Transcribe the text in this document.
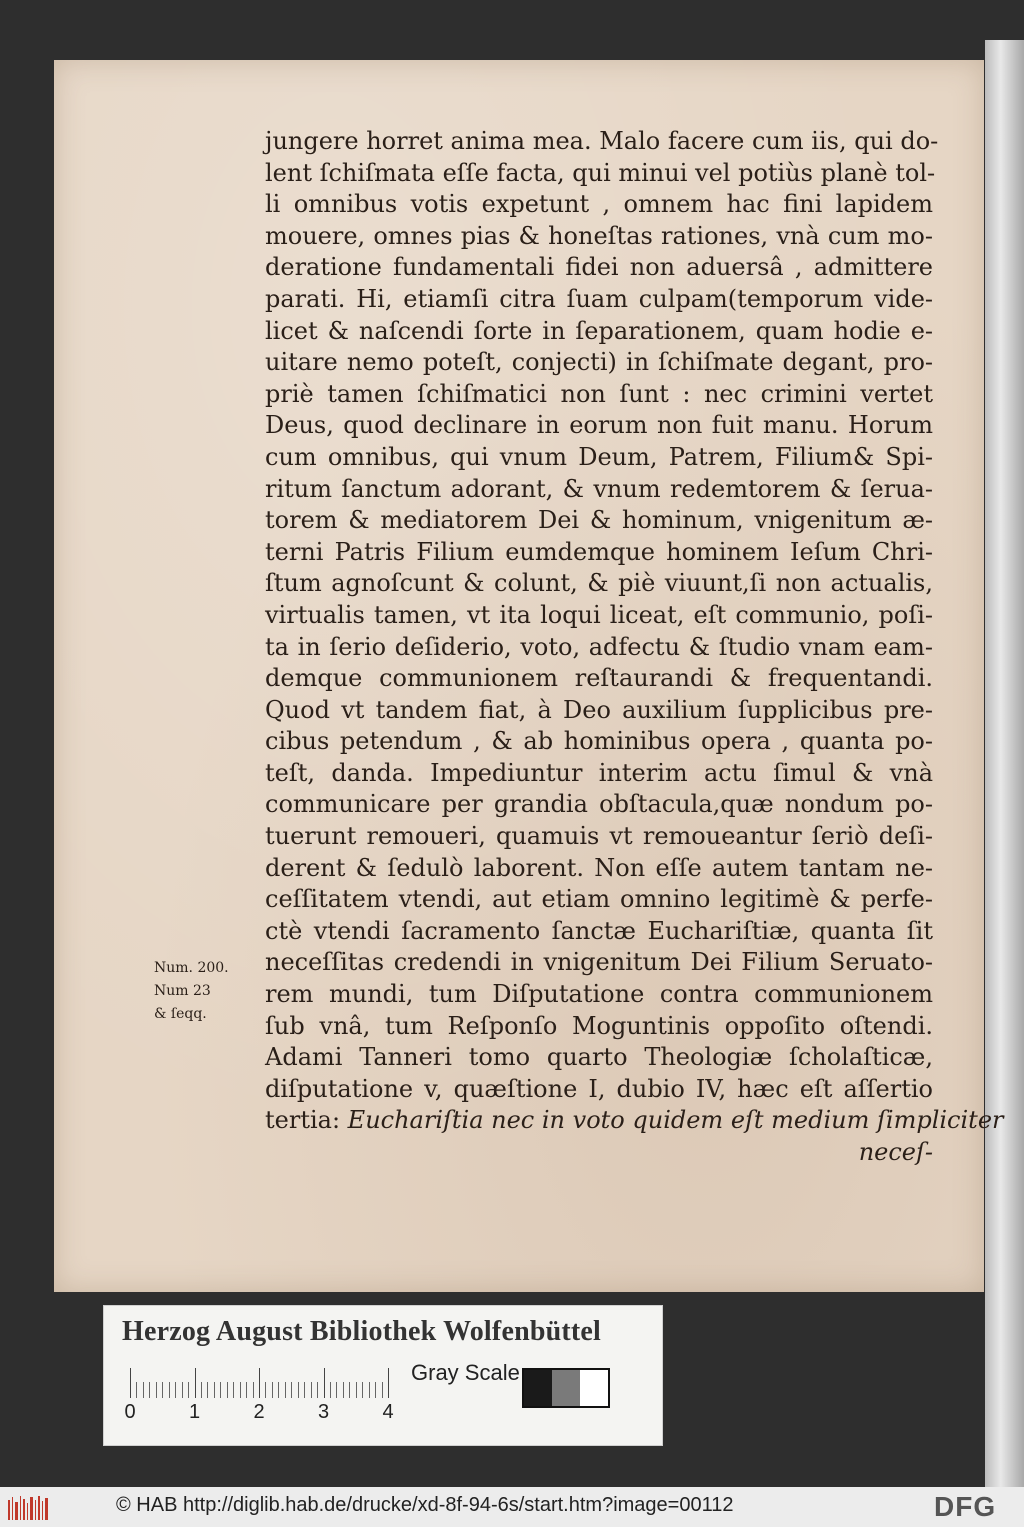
jungere horret anima mea. Malo facere cum iis, qui do-
lent ſchiſmata eſſe facta, qui minui vel potiùs planè tol-
li omnibus votis expetunt , omnem hac fini lapidem
mouere, omnes pias & honeſtas rationes, vnà cum mo-
deratione fundamentali fidei non aduersâ , admittere
parati. Hi, etiamſi citra ſuam culpam(temporum vide-
licet & naſcendi ſorte in ſeparationem, quam hodie e-
uitare nemo poteſt, conjecti) in ſchiſmate degant, pro-
priè tamen ſchiſmatici non ſunt : nec crimini vertet
Deus, quod declinare in eorum non fuit manu. Horum
cum omnibus, qui vnum Deum, Patrem, Filium& Spi-
ritum ſanctum adorant, & vnum redemtorem & ſerua-
torem & mediatorem Dei & hominum, vnigenitum æ-
terni Patris Filium eumdemque hominem Ieſum Chri-
ſtum agnoſcunt & colunt, & piè viuunt,ſi non actualis,
virtualis tamen, vt ita loqui liceat, eſt communio, poſi-
ta in ſerio deſiderio, voto, adfectu & ſtudio vnam eam-
demque communionem reſtaurandi & frequentandi.
Quod vt tandem fiat, à Deo auxilium ſupplicibus pre-
cibus petendum , & ab hominibus opera , quanta po-
teſt, danda. Impediuntur interim actu ſimul & vnà
communicare per grandia obſtacula,quæ nondum po-
tuerunt remoueri, quamuis vt remoueantur ſeriò deſi-
derent & ſedulò laborent. Non eſſe autem tantam ne-
ceſſitatem vtendi, aut etiam omnino legitimè & perfe-
ctè vtendi ſacramento ſanctæ Euchariſtiæ, quanta ſit
neceſſitas credendi in vnigenitum Dei Filium Seruato-
rem mundi, tum Diſputatione contra communionem
ſub vnâ, tum Reſponſo Moguntinis oppoſito oſtendi.
Adami Tanneri tomo quarto Theologiæ ſcholaſticæ,
diſputatione v, quæſtione I, dubio IV, hæc eſt aſſertio
tertia: Euchariſtia nec in voto quidem eſt medium ſimpliciter
neceſ-
Num. 200.
Num 23
& ſeqq.
Herzog August Bibliothek Wolfenbüttel
0	1	2	3	4
Gray Scale
© HAB http://diglib.hab.de/drucke/xd-8f-94-6s/start.htm?image=00112	DFG
